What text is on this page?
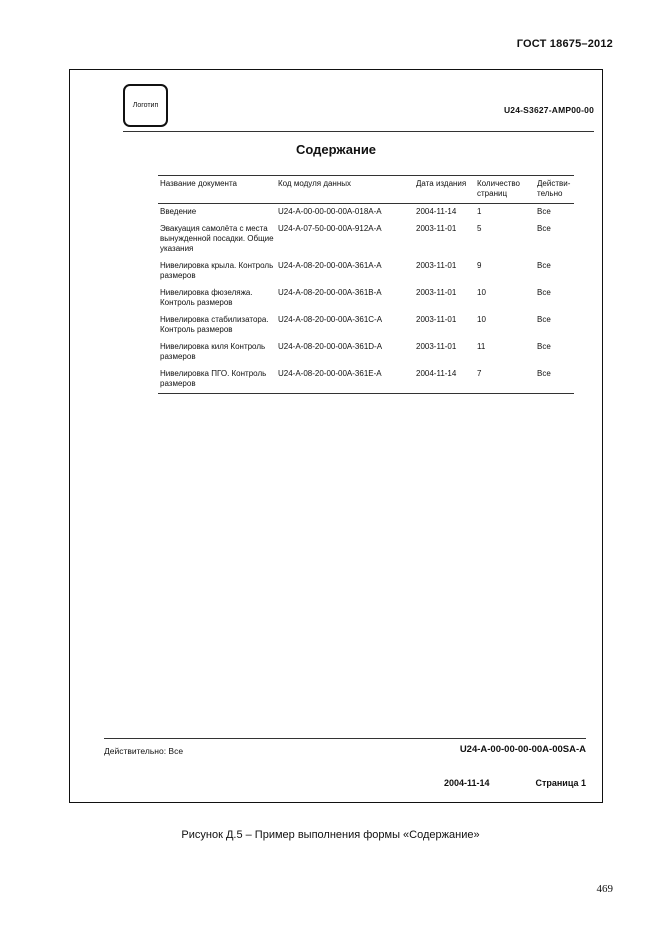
ГОСТ 18675–2012
Логотип	U24-S3627-AMP00-00
Содержание
Название документа	Код модуля данных	Дата издания	Количество страниц	Действи-тельно
Введение	U24-A-00-00-00-00A-018A-A	2004-11-14	1	Все
Эвакуация самолёта с места вынужденной посадки. Общие указания	U24-A-07-50-00-00A-912A-A	2003-11-01	5	Все
Нивелировка крыла. Контроль размеров	U24-A-08-20-00-00A-361A-A	2003-11-01	9	Все
Нивелировка фюзеляжа. Контроль размеров	U24-A-08-20-00-00A-361B-A	2003-11-01	10	Все
Нивелировка стабилизатора. Контроль размеров	U24-A-08-20-00-00A-361C-A	2003-11-01	10	Все
Нивелировка киля Контроль размеров	U24-A-08-20-00-00A-361D-A	2003-11-01	11	Все
Нивелировка ПГО. Контроль размеров	U24-A-08-20-00-00A-361E-A	2004-11-14	7	Все
Действительно: Все	U24-A-00-00-00-00A-00SA-A
2004-11-14	Страница 1
Рисунок Д.5 – Пример выполнения формы «Содержание»
469
